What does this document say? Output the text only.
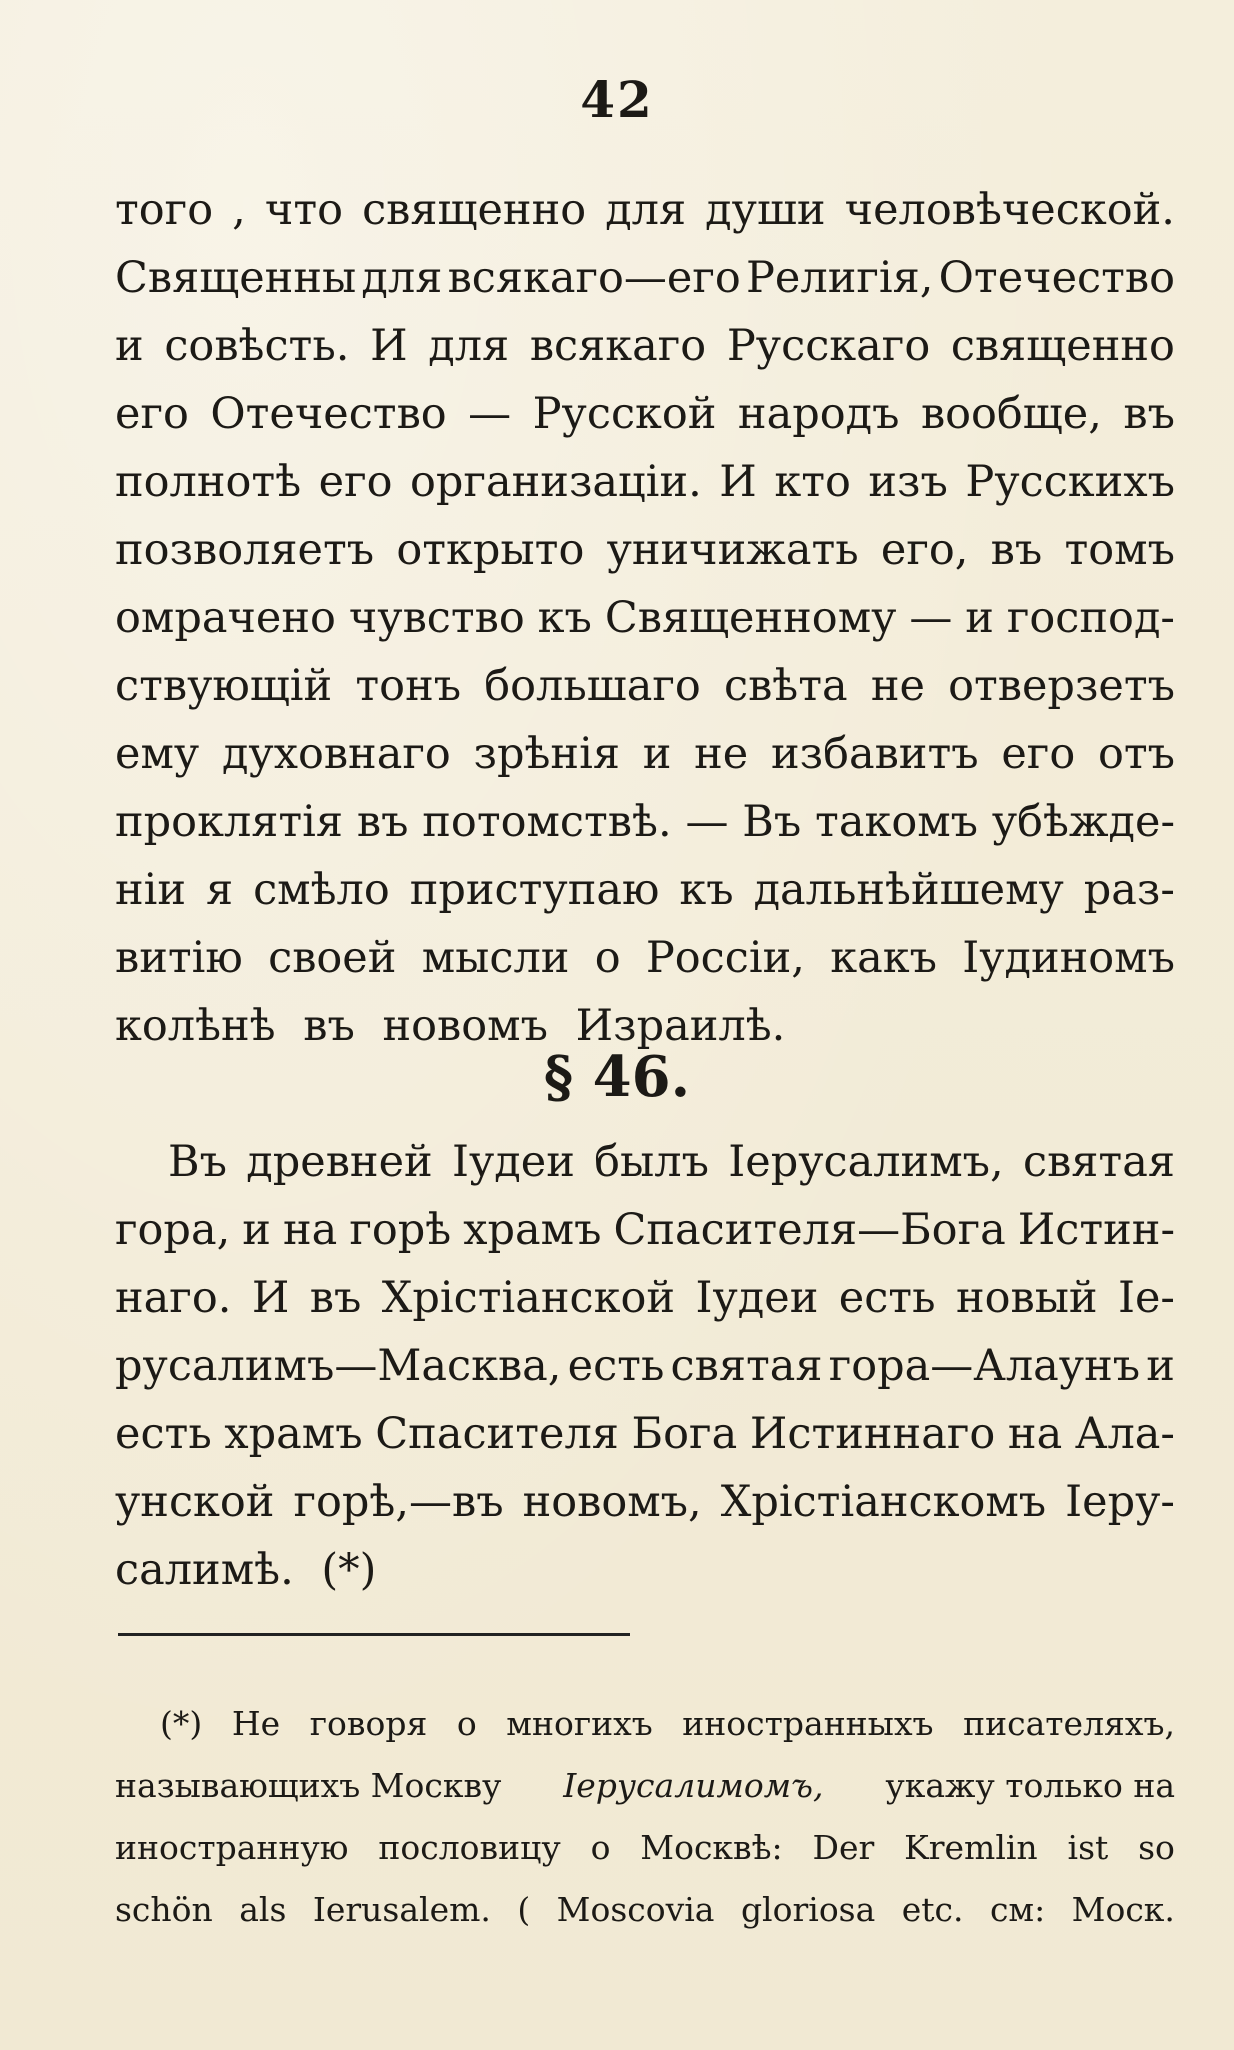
42
того , что священно для души человѣческой.
Священны для всякаго—его Религія, Отечество
и совѣсть. И для всякаго Русскаго священно
его Отечество — Русской народъ вообще, въ
полнотѣ его организаціи. И кто изъ Русскихъ
позволяетъ открыто уничижать его, въ томъ
омрачено чувство къ Священному — и господ-
ствующій тонъ большаго свѣта не отверзетъ
ему духовнаго зрѣнія и не избавитъ его отъ
проклятія въ потомствѣ. — Въ такомъ убѣжде-
ніи я смѣло приступаю къ дальнѣйшему раз-
витію своей мысли о Россіи, какъ Іудиномъ
колѣнѣ въ новомъ Израилѣ.
§ 46.
Въ древней Іудеи былъ Іерусалимъ, святая
гора, и на горѣ храмъ Спасителя—Бога Истин-
наго. И въ Хрістіанской Іудеи есть новый Іе-
русалимъ—Масква, есть святая гора—Алаунъ и
есть храмъ Спасителя Бога Истиннаго на Ала-
унской горѣ,—въ новомъ, Хрістіанскомъ Іеру-
салимѣ. (*)
(*) Не говоря о многихъ иностранныхъ писателяхъ,
называющихъ Москву Іерусалимомъ, укажу только на
иностранную пословицу о Москвѣ: Der Kremlin ist so
schön als Ierusalem. ( Moscovia gloriosa etc. см: Моск.
